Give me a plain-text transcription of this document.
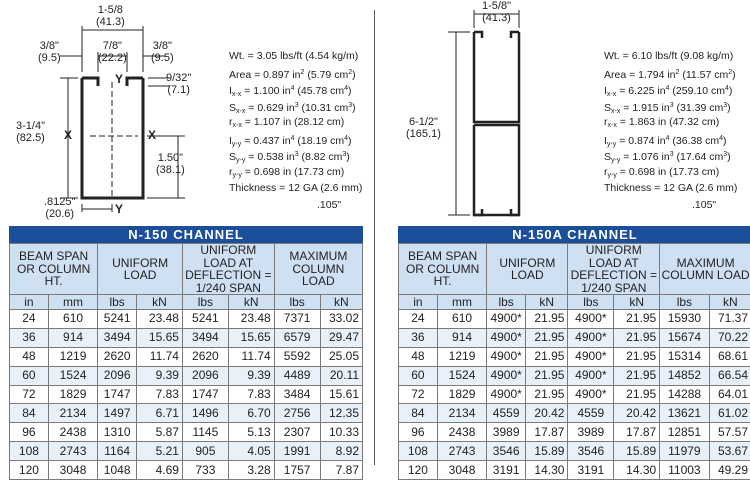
1-5/8
(41.3)
3/8"
(9.5)
7/8"
(22.2)
3/8"
(9.5)
9/32"
(7.1)
3-1/4"
(82.5)
1.50"
(38.1)
.8125"
(20.6)
X	X
Y
Y
Wt. = 3.05 lbs/ft (4.54 kg/m)
Area = 0.897 $in^2$ (5.79 $cm^2$)
$I_{x-x} = 1.100$ $in^4$ (45.78 $cm^4$)
$S_{x-x} = 0.629$ $in^3$ (10.31 $cm^3$)
$r_{x-x} = 1.107$ in (28.12 cm)
$I_{y-y} = 0.437$ $in^4$ (18.19 $cm^4$)
$S_{y-y} = 0.538$ $in^3$ (8.82 $cm^3$)
$r_{y-y} = 0.698$ in (17.73 cm)
Thickness = 12 GA (2.6 mm)
.105"
N-150 CHANNEL
BEAM SPAN OR COLUMN HT.		UNIFORM LOAD		UNIFORM LOAD AT DEFLECTION = 1/240 SPAN		MAXIMUM COLUMN LOAD	
in	mm	lbs	kN	lbs	kN	lbs	kN
24	610	5241	23.48	5241	23.48	7371	33.02
36	914	3494	15.65	3494	15.65	6579	29.47
48	1219	2620	11.74	2620	11.74	5592	25.05
60	1524	2096	9.39	2096	9.39	4489	20.11
72	1829	1747	7.83	1747	7.83	3484	15.61
84	2134	1497	6.71	1496	6.70	2756	12.35
96	2438	1310	5.87	1145	5.13	2307	10.33
108	2743	1164	5.21	905	4.05	1991	8.92
120	3048	1048	4.69	733	3.28	1757	7.87
1-5/8"
(41.3)
6-1/2"
(165.1)
Wt. = 6.10 lbs/ft (9.08 kg/m)
Area = 1.794 $in^2$ (11.57 $cm^2$)
$I_{x-x} = 6.225$ $in^4$ (259.10 $cm^4$)
$S_{x-x} = 1.915$ $in^3$ (31.39 $cm^3$)
$r_{x-x} = 1.863$ in (47.32 cm)
$I_{y-y} = 0.874$ $in^4$ (36.38 $cm^4$)
$S_{y-y} = 1.076$ $in^3$ (17.64 $cm^3$)
$r_{y-y} = 0.698$ in (17.73 cm)
Thickness = 12 GA (2.6 mm)
.105"
N-150A CHANNEL
BEAM SPAN OR COLUMN HT.		UNIFORM LOAD		UNIFORM LOAD AT DEFLECTION = 1/240 SPAN		MAXIMUM COLUMN LOAD	
in	mm	lbs	kN	lbs	kN	lbs	kN
24	610	4900*	21.95	4900*	21.95	15930	71.37
36	914	4900*	21.95	4900*	21.95	15674	70.22
48	1219	4900*	21.95	4900*	21.95	15314	68.61
60	1524	4900*	21.95	4900*	21.95	14852	66.54
72	1829	4900*	21.95	4900*	21.95	14288	64.01
84	2134	4559	20.42	4559	20.42	13621	61.02
96	2438	3989	17.87	3989	17.87	12851	57.57
108	2743	3546	15.89	3546	15.89	11979	53.67
120	3048	3191	14.30	3191	14.30	11003	49.29
